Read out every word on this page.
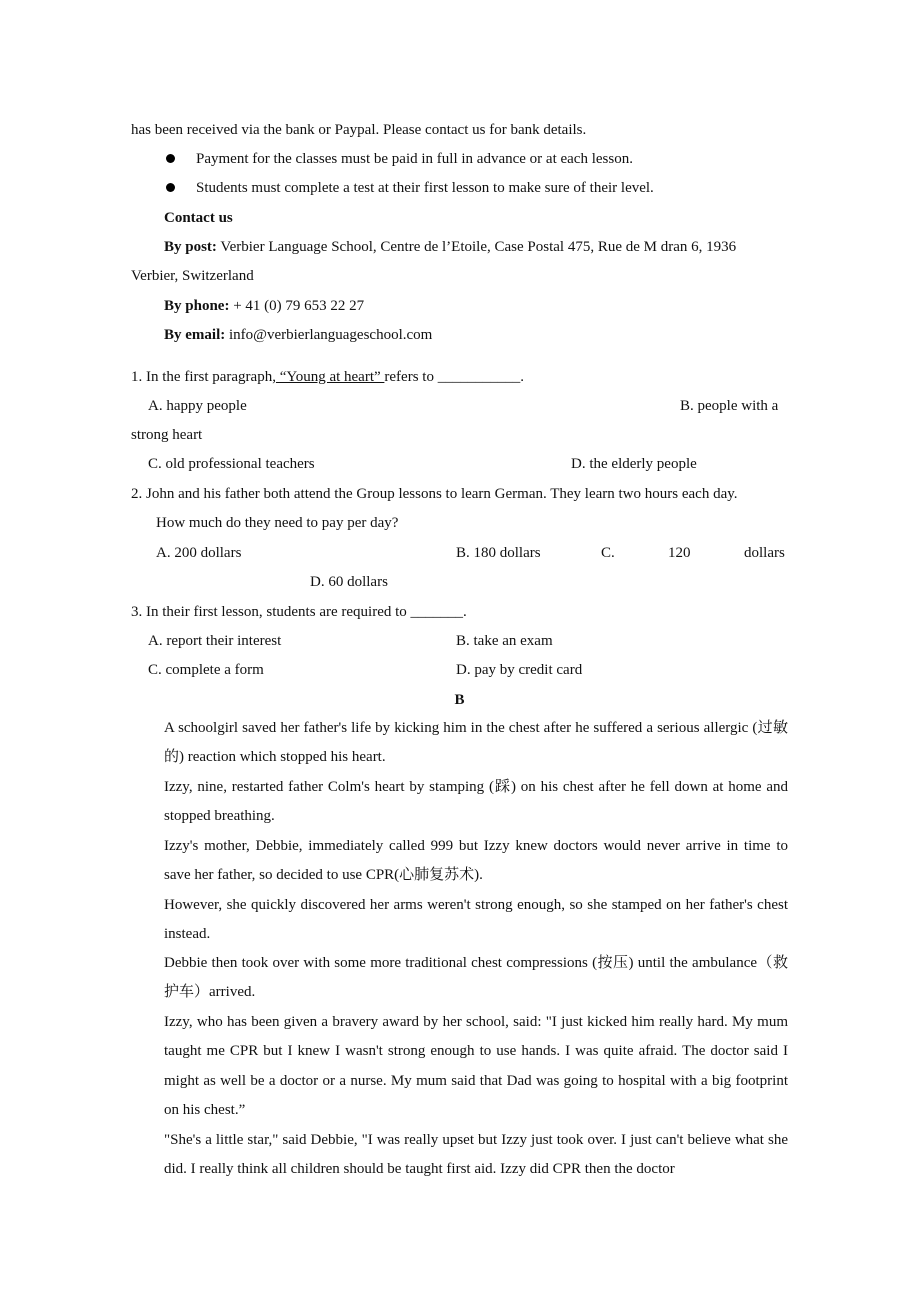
has been received via the bank or Paypal. Please contact us for bank details.
Payment for the classes must be paid in full in advance or at each lesson.
Students must complete a test at their first lesson to make sure of their level.
Contact us
By post: Verbier Language School, Centre de l’Etoile, Case Postal 475, Rue de M dran 6, 1936
Verbier, Switzerland
By phone: + 41 (0) 79 653 22 27
By email: info@verbierlanguageschool.com
1. In the first paragraph, “Young at heart” refers to ___________.
A. happy people	B. people with a
strong heart
C. old professional teachers	D. the elderly people
2. John and his father both attend the Group lessons to learn German. They learn two hours each day.
How much do they need to pay per day?
A. 200 dollars	B. 180 dollars	C.	120	dollars
D. 60 dollars
3. In their first lesson, students are required to _______.
A. report their interest	B. take an exam
C. complete a form	D. pay by credit card
B
A schoolgirl saved her father's life by kicking him in the chest after he suffered a serious allergic (过敏的) reaction which stopped his heart.
Izzy, nine, restarted father Colm's heart by stamping (踩) on his chest after he fell down at home and stopped breathing.
Izzy's mother, Debbie, immediately called 999 but Izzy knew doctors would never arrive in time to save her father, so decided to use CPR(心肺复苏术).
However, she quickly discovered her arms weren't strong enough, so she stamped on her father's chest instead.
Debbie then took over with some more traditional chest compressions (按压) until the ambulance（救护车）arrived.
Izzy, who has been given a bravery award by her school, said: "I just kicked him really hard. My mum taught me CPR but I knew I wasn't strong enough to use hands. I was quite afraid. The doctor said I might as well be a doctor or a nurse. My mum said that Dad was going to hospital with a big footprint on his chest.”
"She's a little star," said Debbie, "I was really upset but Izzy just took over. I just can't believe what she did. I really think all children should be taught first aid. Izzy did CPR then the doctor
